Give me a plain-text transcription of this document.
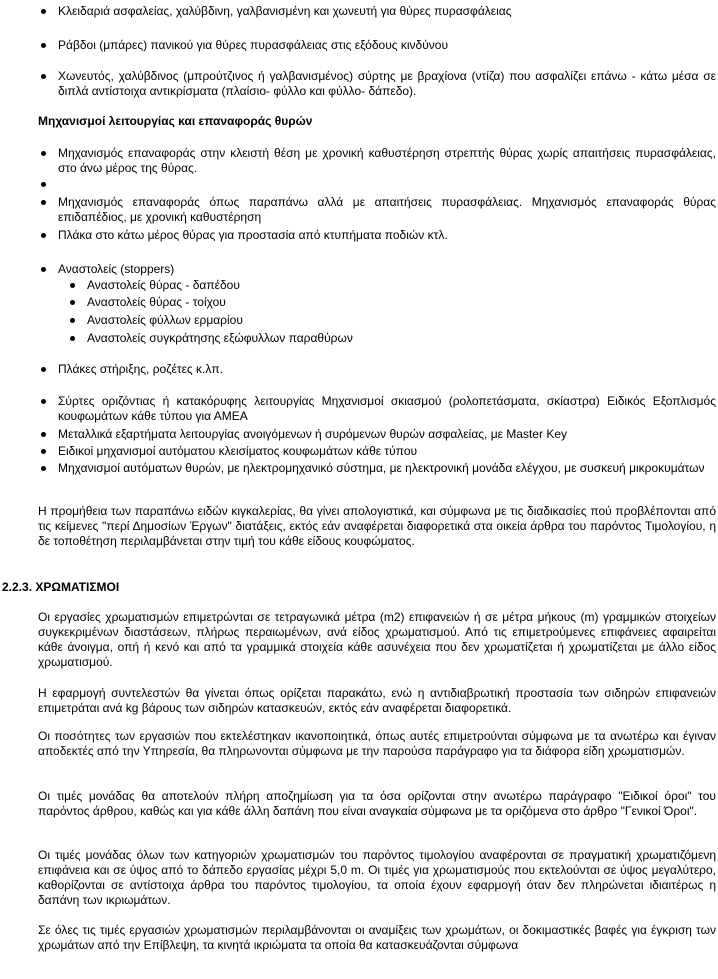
Κλειδαριά ασφαλείας, χαλύβδινη, γαλβανισμένη και χωνευτή για θύρες πυρασφάλειας
Ράβδοι (μπάρες) πανικού για θύρες πυρασφάλειας στις εξόδους κινδύνου
Χωνευτός, χαλύβδινος (μπρούτζινος ή γαλβανισμένος) σύρτης με βραχίονα (ντίζα) που ασφαλίζει επάνω - κάτω μέσα σε διπλά αντίστοιχα αντικρίσματα (πλαίσιο- φύλλο και φύλλο- δάπεδο).
Μηχανισμοί λειτουργίας και επαναφοράς θυρών
Μηχανισμός επαναφοράς στην κλειστή θέση με χρονική καθυστέρηση στρεπτής θύρας χωρίς απαιτήσεις πυρασφάλειας, στο άνω μέρος της θύρας.
Μηχανισμός επαναφοράς όπως παραπάνω αλλά με απαιτήσεις πυρασφάλειας. Μηχανισμός επαναφοράς θύρας επιδαπέδιος, με χρονική καθυστέρηση
Πλάκα στο κάτω μέρος θύρας για προστασία από κτυπήματα ποδιών κτλ.
Αναστολείς (stoppers)
Αναστολείς θύρας - δαπέδου
Αναστολείς θύρας - τοίχου
Αναστολείς φύλλων ερμαρίου
Αναστολείς συγκράτησης εξώφυλλων παραθύρων
Πλάκες στήριξης, ροζέτες κ.λπ.
Σύρτες οριζόντιας ή κατακόρυφης λειτουργίας Μηχανισμοί σκιασμού (ρολοπετάσματα, σκίαστρα) Ειδικός Εξοπλισμός κουφωμάτων κάθε τύπου για ΑΜΕΑ
Μεταλλικά εξαρτήματα λειτουργίας ανοιγόμενων ή συρόμενων θυρών ασφαλείας, με Master Key
Ειδικοί μηχανισμοί αυτόματου κλεισίματος κουφωμάτων κάθε τύπου
Μηχανισμοί αυτόματων θυρών, με ηλεκτρομηχανικό σύστημα, με ηλεκτρονική μονάδα ελέγχου, με συσκευή μικροκυμάτων
Η προμήθεια των παραπάνω ειδών κιγκαλερίας, θα γίνει απολογιστικά, και σύμφωνα με τις διαδικασίες πού προβλέπονται από τις κείμενες "περί Δημοσίων Έργων" διατάξεις, εκτός εάν αναφέρεται διαφορετικά στα οικεία άρθρα του παρόντος Τιμολογίου, η δε τοποθέτηση περιλαμβάνεται στην τιμή του κάθε είδους κουφώματος.
2.2.3. ΧΡΩΜΑΤΙΣΜΟΙ
Οι εργασίες χρωματισμών επιμετρώνται σε τετραγωνικά μέτρα (m2) επιφανειών ή σε μέτρα μήκους (m) γραμμικών στοιχείων συγκεκριμένων διαστάσεων, πλήρως περαιωμένων, ανά είδος χρωματισμού. Από τις επιμετρούμενες επιφάνειες αφαιρείται κάθε άνοιγμα, οπή ή κενό και από τα γραμμικά στοιχεία κάθε ασυνέχεια που δεν χρωματίζεται ή χρωματίζεται με άλλο είδος χρωματισμού.
Η εφαρμογή συντελεστών θα γίνεται όπως ορίζεται παρακάτω, ενώ η αντιδιαβρωτική προστασία των σιδηρών επιφανειών επιμετράται ανά kg βάρους των σιδηρών κατασκευών, εκτός εάν αναφέρεται διαφορετικά.
Οι ποσότητες των εργασιών που εκτελέστηκαν ικανοποιητικά, όπως αυτές επιμετρούνται σύμφωνα με τα ανωτέρω και έγιναν αποδεκτές από την Υπηρεσία, θα πληρωνονται σύμφωνα με την παρούσα παράγραφο για τα διάφορα είδη χρωματισμών.
Οι τιμές μονάδας θα αποτελούν πλήρη αποζημίωση για τα όσα ορίζονται στην ανωτέρω παράγραφο "Ειδικοί όροι" του παρόντος άρθρου, καθώς και για κάθε άλλη δαπάνη που είναι αναγκαία σύμφωνα με τα οριζόμενα στο άρθρο "Γενικοί Όροι".
Οι τιμές μονάδας όλων των κατηγοριών χρωματισμών του παρόντος τιμολογίου αναφέρονται σε πραγματική χρωματιζόμενη επιφάνεια και σε ύψος από το δάπεδο εργασίας μέχρι 5,0 m. Οι τιμές για χρωματισμούς που εκτελούνται σε ύψος μεγαλύτερο, καθορίζονται σε αντίστοιχα άρθρα του παρόντος τιμολογίου, τα οποία έχουν εφαρμογή όταν δεν πληρώνεται ιδιαιτέρως η δαπάνη των ικριωμάτων.
Σε όλες τις τιμές εργασιών χρωματισμών περιλαμβάνονται οι αναμίξεις των χρωμάτων, οι δοκιμαστικές βαφές για έγκριση των χρωμάτων από την Επίβλεψη, τα κινητά ικριώματα τα οποία θα κατασκευάζονται σύμφωνα
